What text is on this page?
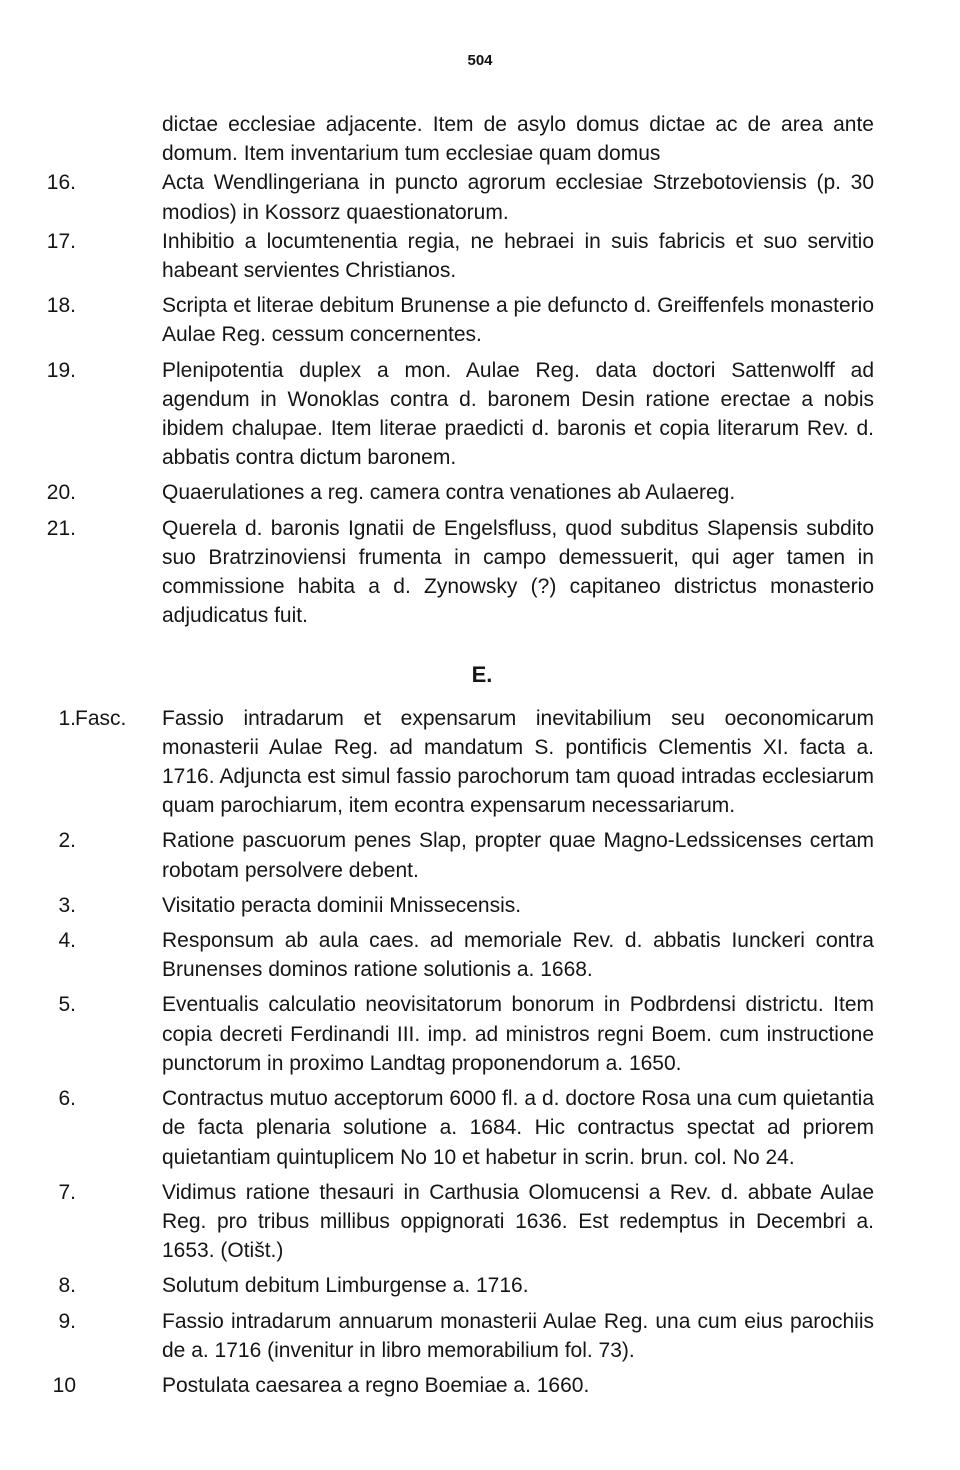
504
dictae ecclesiae adjacente. Item de asylo domus dictae ac de area ante domum. Item inventarium tum ecclesiae quam domus
16.	Acta Wendlingeriana in puncto agrorum ecclesiae Strzebotoviensis (p. 30 modios) in Kossorz quaestionatorum.
17.	Inhibitio a locumtenentia regia, ne hebraei in suis fabricis et suo servitio habeant servientes Christianos.
18.	Scripta et literae debitum Brunense a pie defuncto d. Greiffenfels monasterio Aulae Reg. cessum concernentes.
19.	Plenipotentia duplex a mon. Aulae Reg. data doctori Sattenwolff ad agendum in Wonoklas contra d. baronem Desin ratione erectae a nobis ibidem chalupae. Item literae praedicti d. baronis et copia literarum Rev. d. abbatis contra dictum baronem.
20.	Quaerulationes a reg. camera contra venationes ab Aulaereg.
21.	Querela d. baronis Ignatii de Engelsfluss, quod subditus Slapensis subdito suo Bratrzinoviensi frumenta in campo demessuerit, qui ager tamen in commissione habita a d. Zynowsky (?) capitaneo districtus monasterio adjudicatus fuit.
E.
Fasc.
1.	Fassio intradarum et expensarum inevitabilium seu oeconomicarum monasterii Aulae Reg. ad mandatum S. pontificis Clementis XI. facta a. 1716. Adjuncta est simul fassio parochorum tam quoad intradas ecclesiarum quam parochiarum, item econtra expensarum necessariarum.
2.	Ratione pascuorum penes Slap, propter quae Magno-Ledssicenses certam robotam persolvere debent.
3.	Visitatio peracta dominii Mnissecensis.
4.	Responsum ab aula caes. ad memoriale Rev. d. abbatis Iunckeri contra Brunenses dominos ratione solutionis a. 1668.
5.	Eventualis calculatio neovisitatorum bonorum in Podbrdensi districtu. Item copia decreti Ferdinandi III. imp. ad ministros regni Boem. cum instructione punctorum in proximo Landtag proponendorum a. 1650.
6.	Contractus mutuo acceptorum 6000 fl. a d. doctore Rosa una cum quietantia de facta plenaria solutione a. 1684. Hic contractus spectat ad priorem quietantiam quintuplicem No 10 et habetur in scrin. brun. col. No 24.
7.	Vidimus ratione thesauri in Carthusia Olomucensi a Rev. d. abbate Aulae Reg. pro tribus millibus oppignorati 1636. Est redemptus in Decembri a. 1653. (Otišt.)
8.	Solutum debitum Limburgense a. 1716.
9.	Fassio intradarum annuarum monasterii Aulae Reg. una cum eius parochiis de a. 1716 (invenitur in libro memorabilium fol. 73).
10	Postulata caesarea a regno Boemiae a. 1660.
